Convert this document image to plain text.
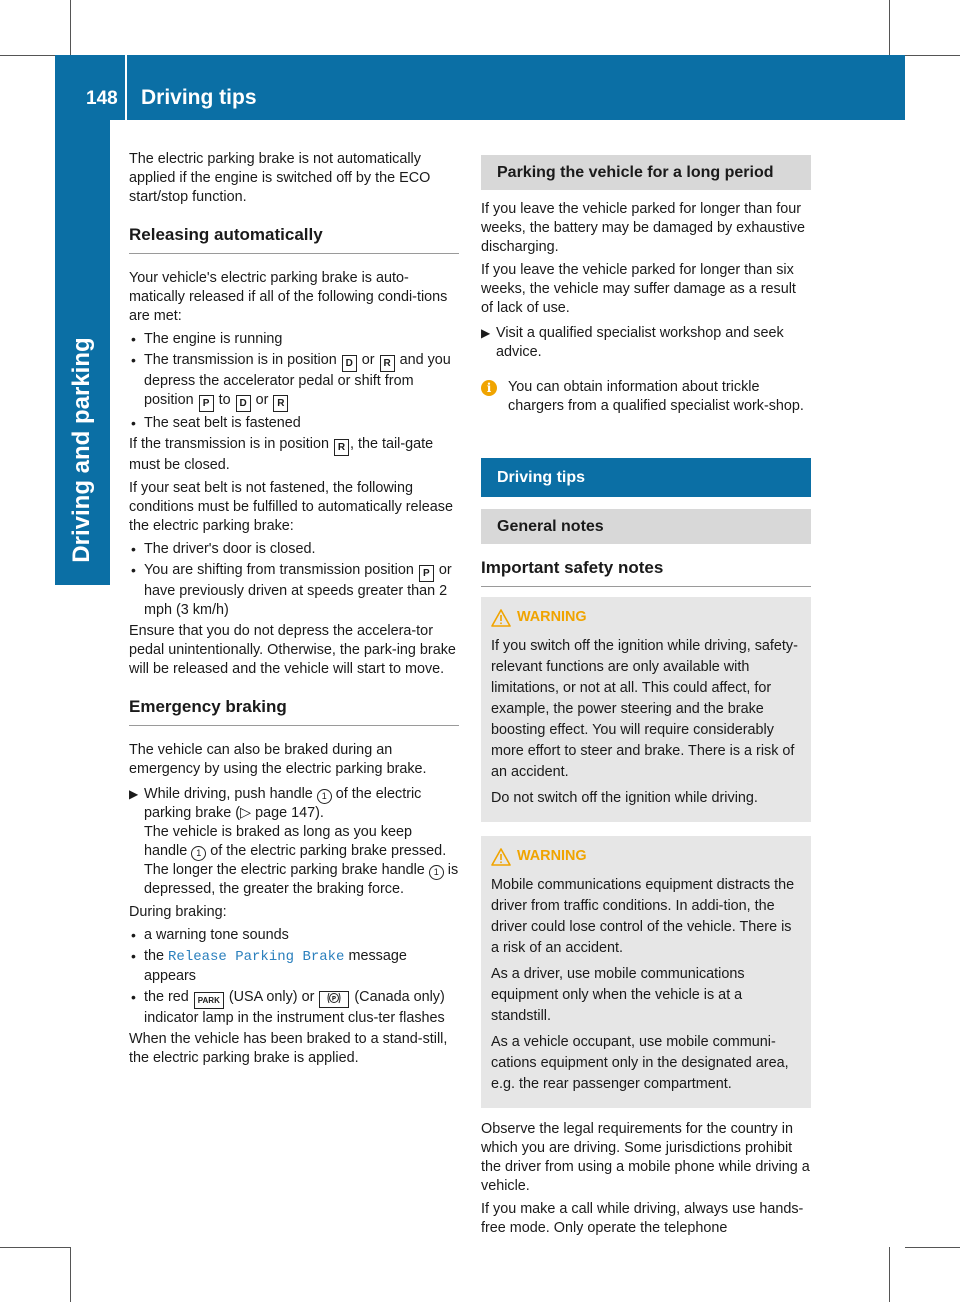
148 Driving tips
Driving and parking

The electric parking brake is not automatically applied if the engine is switched off by the ECO start/stop function.

Releasing automatically

Your vehicle's electric parking brake is auto-matically released if all of the following condi-tions are met:

• The engine is running
• The transmission is in position D or R and you depress the accelerator pedal or shift from position P to D or R
• The seat belt is fastened

If the transmission is in position R , the tail-gate must be closed.

If your seat belt is not fastened, the following conditions must be fulfilled to automatically release the electric parking brake:

• The driver's door is closed.
• You are shifting from transmission position P or have previously driven at speeds greater than 2 mph (3 km/h)

Ensure that you do not depress the accelera-tor pedal unintentionally. Otherwise, the park-ing brake will be released and the vehicle will start to move.

Emergency braking

The vehicle can also be braked during an emergency by using the electric parking brake.

▶ While driving, push handle 1 of the electric parking brake (▷ page 147).
The vehicle is braked as long as you keep handle 1 of the electric parking brake pressed. The longer the electric parking brake handle 1 is depressed, the greater the braking force.

During braking:

• a warning tone sounds
• the Release Parking Brake message appears
• the red PARK (USA only) or	P (Canada only) indicator lamp in the instrument clus-ter flashes

When the vehicle has been braked to a stand-still, the electric parking brake is applied.

Parking the vehicle for a long period

If you leave the vehicle parked for longer than four weeks, the battery may be damaged by exhaustive discharging.

If you leave the vehicle parked for longer than six weeks, the vehicle may suffer damage as a result of lack of use.

▶ Visit a qualified specialist workshop and seek advice.
i	You can obtain information about trickle chargers from a qualified specialist work-shop.
Driving tips
General notes
Important safety notes
WARNING

If you switch off the ignition while driving, safety-relevant functions are only available with limitations, or not at all. This could affect, for example, the power steering and the brake boosting effect. You will require considerably more effort to steer and brake. There is a risk of an accident.

Do not switch off the ignition while driving.

WARNING

Mobile communications equipment distracts the driver from traffic conditions. In addi-tion, the driver could lose control of the vehicle. There is a risk of an accident.

As a driver, use mobile communications equipment only when the vehicle is at a standstill.

As a vehicle occupant, use mobile communi-cations equipment only in the designated area, e.g. the rear passenger compartment.

Observe the legal requirements for the country in which you are driving. Some jurisdictions prohibit the driver from using a mobile phone while driving a vehicle.

If you make a call while driving, always use hands-free mode. Only operate the telephone
